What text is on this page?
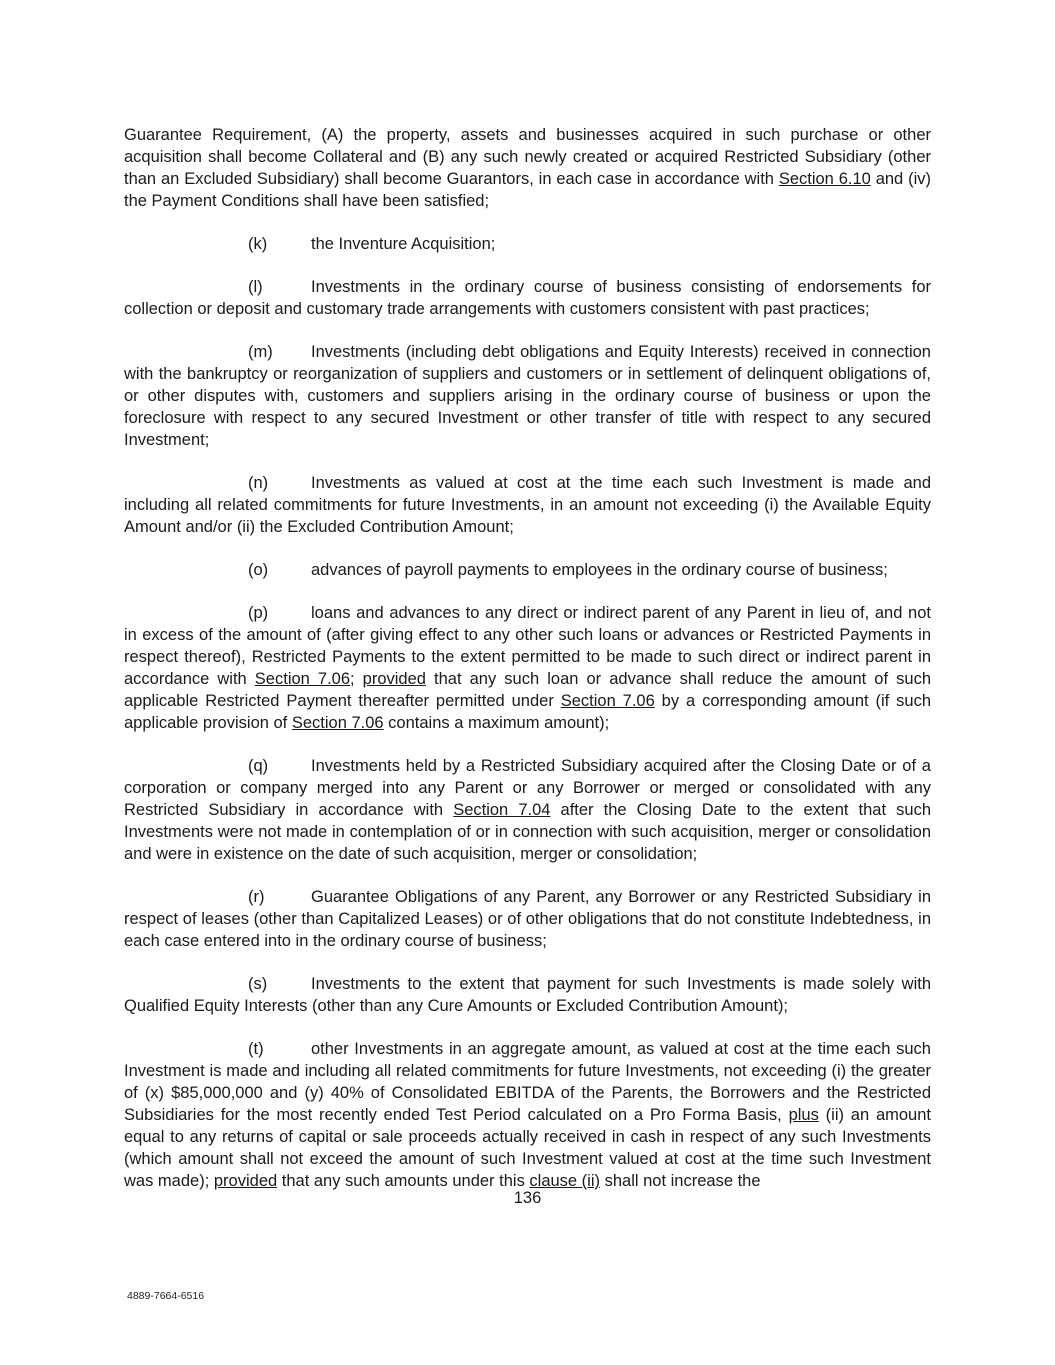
Guarantee Requirement, (A) the property, assets and businesses acquired in such purchase or other acquisition shall become Collateral and (B) any such newly created or acquired Restricted Subsidiary (other than an Excluded Subsidiary) shall become Guarantors, in each case in accordance with Section 6.10 and (iv) the Payment Conditions shall have been satisfied;

(k)	the Inventure Acquisition;

(l)	Investments in the ordinary course of business consisting of endorsements for collection or deposit and customary trade arrangements with customers consistent with past practices;

(m) Investments (including debt obligations and Equity Interests) received in connection with the bankruptcy or reorganization of suppliers and customers or in settlement of delinquent obligations of, or other disputes with, customers and suppliers arising in the ordinary course of business or upon the foreclosure with respect to any secured Investment or other transfer of title with respect to any secured Investment;

(n)	Investments as valued at cost at the time each such Investment is made and including all related commitments for future Investments, in an amount not exceeding (i) the Available Equity Amount and/or (ii) the Excluded Contribution Amount;

(o)	advances of payroll payments to employees in the ordinary course of business;

(p)	loans and advances to any direct or indirect parent of any Parent in lieu of, and not in excess of the amount of (after giving effect to any other such loans or advances or Restricted Payments in respect thereof), Restricted Payments to the extent permitted to be made to such direct or indirect parent in accordance with Section 7.06; provided that any such loan or advance shall reduce the amount of such applicable Restricted Payment thereafter permitted under Section 7.06 by a corresponding amount (if such applicable provision of Section 7.06 contains a maximum amount);

(q)	Investments held by a Restricted Subsidiary acquired after the Closing Date or of a corporation or company merged into any Parent or any Borrower or merged or consolidated with any Restricted Subsidiary in accordance with Section 7.04 after the Closing Date to the extent that such Investments were not made in contemplation of or in connection with such acquisition, merger or consolidation and were in existence on the date of such acquisition, merger or consolidation;

(r)	Guarantee Obligations of any Parent, any Borrower or any Restricted Subsidiary in respect of leases (other than Capitalized Leases) or of other obligations that do not constitute Indebtedness, in each case entered into in the ordinary course of business;

(s)	Investments to the extent that payment for such Investments is made solely with Qualified Equity Interests (other than any Cure Amounts or Excluded Contribution Amount);

(t)	other Investments in an aggregate amount, as valued at cost at the time each such Investment is made and including all related commitments for future Investments, not exceeding (i) the greater of (x) $85,000,000 and (y) 40% of Consolidated EBITDA of the Parents, the Borrowers and the Restricted Subsidiaries for the most recently ended Test Period calculated on a Pro Forma Basis, plus (ii) an amount equal to any returns of capital or sale proceeds actually received in cash in respect of any such Investments (which amount shall not exceed the amount of such Investment valued at cost at the time such Investment was made); provided that any such amounts under this clause (ii) shall not increase the

136
4889-7664-6516
